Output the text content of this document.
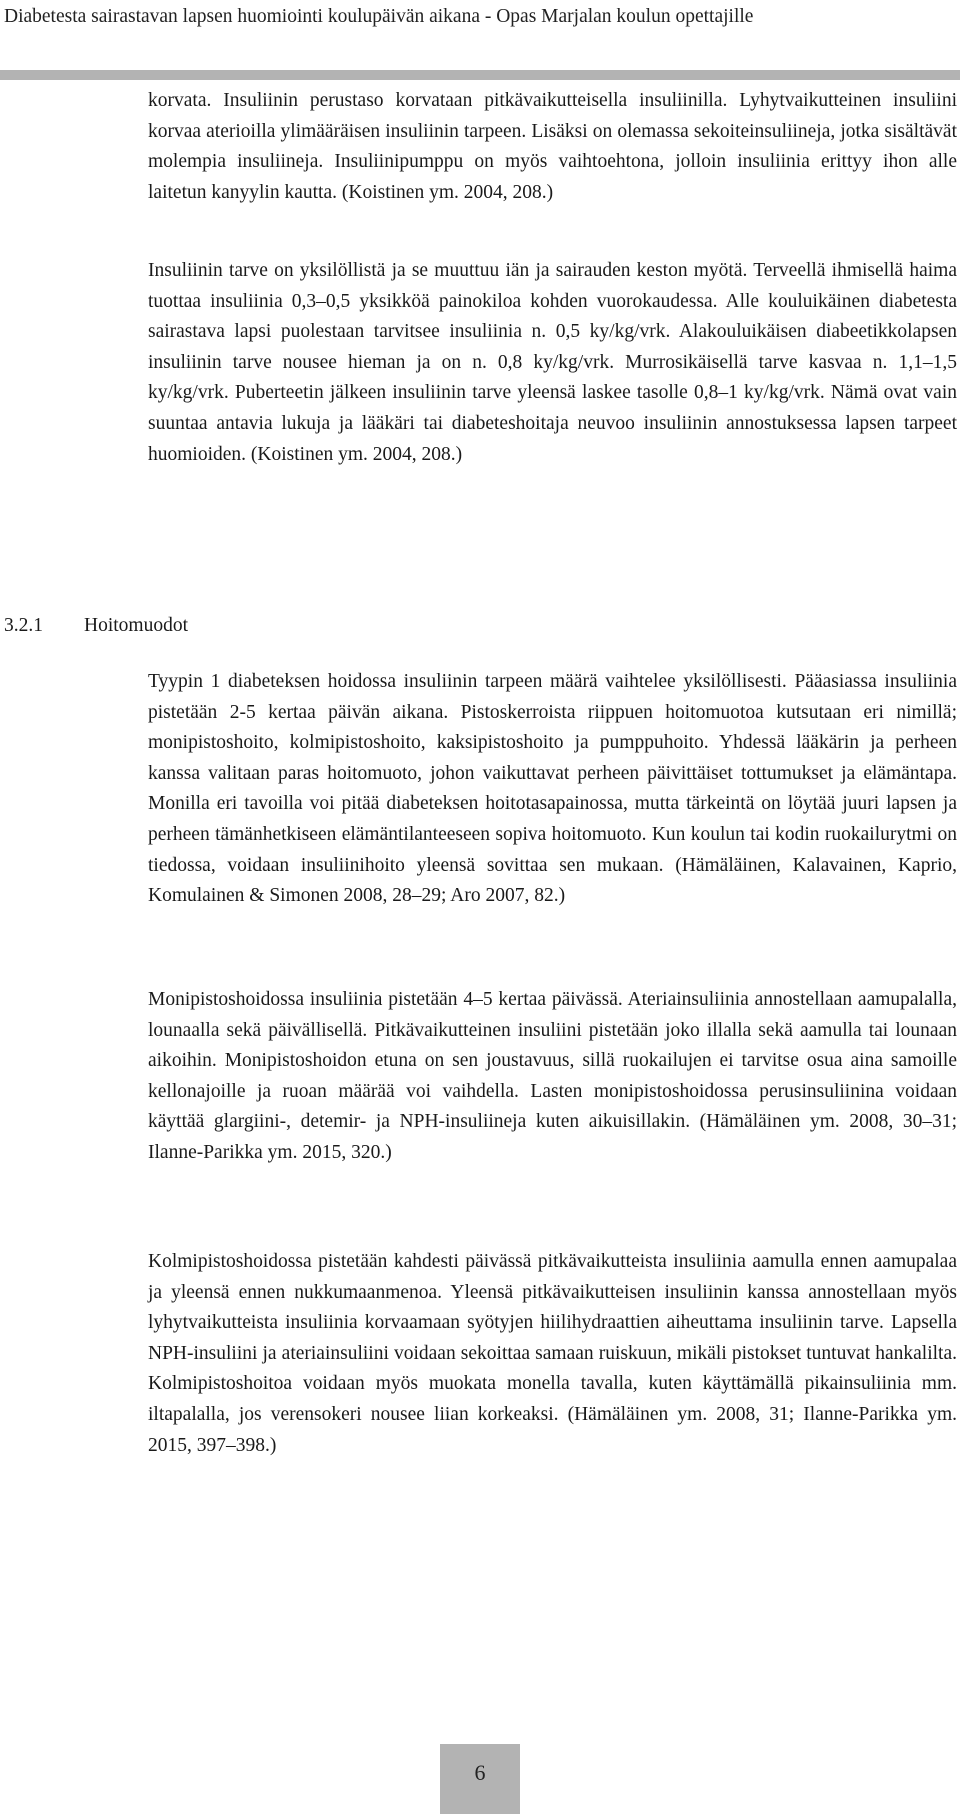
Diabetesta sairastavan lapsen huomiointi koulupäivän aikana - Opas Marjalan koulun opettajille

korvata. Insuliinin perustaso korvataan pitkävaikutteisella insuliinilla. Lyhytvaikutteinen insuliini korvaa aterioilla ylimääräisen insuliinin tarpeen. Lisäksi on olemassa sekoiteinsuliineja, jotka sisältävät molempia insuliineja. Insuliinipumppu on myös vaihtoehtona, jolloin insuliinia erittyy ihon alle laitetun kanyylin kautta. (Koistinen ym. 2004, 208.)

Insuliinin tarve on yksilöllistä ja se muuttuu iän ja sairauden keston myötä. Terveellä ihmisellä haima tuottaa insuliinia 0,3–0,5 yksikköä painokiloa kohden vuorokaudessa. Alle kouluikäinen diabetesta sairastava lapsi puolestaan tarvitsee insuliinia n. 0,5 ky/kg/vrk. Alakouluikäisen diabeetikkolapsen insuliinin tarve nousee hieman ja on n. 0,8 ky/kg/vrk. Murrosikäisellä tarve kasvaa n. 1,1–1,5 ky/kg/vrk. Puberteetin jälkeen insuliinin tarve yleensä laskee tasolle 0,8–1 ky/kg/vrk. Nämä ovat vain suuntaa antavia lukuja ja lääkäri tai diabeteshoitaja neuvoo insuliinin annostuksessa lapsen tarpeet huomioiden. (Koistinen ym. 2004, 208.)

3.2.1 Hoitomuodot

Tyypin 1 diabeteksen hoidossa insuliinin tarpeen määrä vaihtelee yksilöllisesti. Pääasiassa insuliinia pistetään 2-5 kertaa päivän aikana. Pistoskerroista riippuen hoitomuotoa kutsutaan eri nimillä; monipistoshoito, kolmipistoshoito, kaksipistoshoito ja pumppuhoito. Yhdessä lääkärin ja perheen kanssa valitaan paras hoitomuoto, johon vaikuttavat perheen päivittäiset tottumukset ja elämäntapa. Monilla eri tavoilla voi pitää diabeteksen hoitotasapainossa, mutta tärkeintä on löytää juuri lapsen ja perheen tämänhetkiseen elämäntilanteeseen sopiva hoitomuoto. Kun koulun tai kodin ruokailurytmi on tiedossa, voidaan insuliinihoito yleensä sovittaa sen mukaan. (Hämäläinen, Kalavainen, Kaprio, Komulainen & Simonen 2008, 28–29; Aro 2007, 82.)

Monipistoshoidossa insuliinia pistetään 4–5 kertaa päivässä. Ateriainsuliinia annostellaan aamupalalla, lounaalla sekä päivällisellä. Pitkävaikutteinen insuliini pistetään joko illalla sekä aamulla tai lounaan aikoihin. Monipistoshoidon etuna on sen joustavuus, sillä ruokailujen ei tarvitse osua aina samoille kellonajoille ja ruoan määrää voi vaihdella. Lasten monipistoshoidossa perusinsuliinina voidaan käyttää glargiini-, detemir- ja NPH-insuliineja kuten aikuisillakin. (Hämäläinen ym. 2008, 30–31; Ilanne-Parikka ym. 2015, 320.)

Kolmipistoshoidossa pistetään kahdesti päivässä pitkävaikutteista insuliinia aamulla ennen aamupalaa ja yleensä ennen nukkumaanmenoa. Yleensä pitkävaikutteisen insuliinin kanssa annostellaan myös lyhytvaikutteista insuliinia korvaamaan syötyjen hiilihydraattien aiheuttama insuliinin tarve. Lapsella NPH-insuliini ja ateriainsuliini voidaan sekoittaa samaan ruiskuun, mikäli pistokset tuntuvat hankalilta. Kolmipistoshoitoa voidaan myös muokata monella tavalla, kuten käyttämällä pikainsuliinia mm. iltapalalla, jos verensokeri nousee liian korkeaksi. (Hämäläinen ym. 2008, 31; Ilanne-Parikka ym. 2015, 397–398.)

6
